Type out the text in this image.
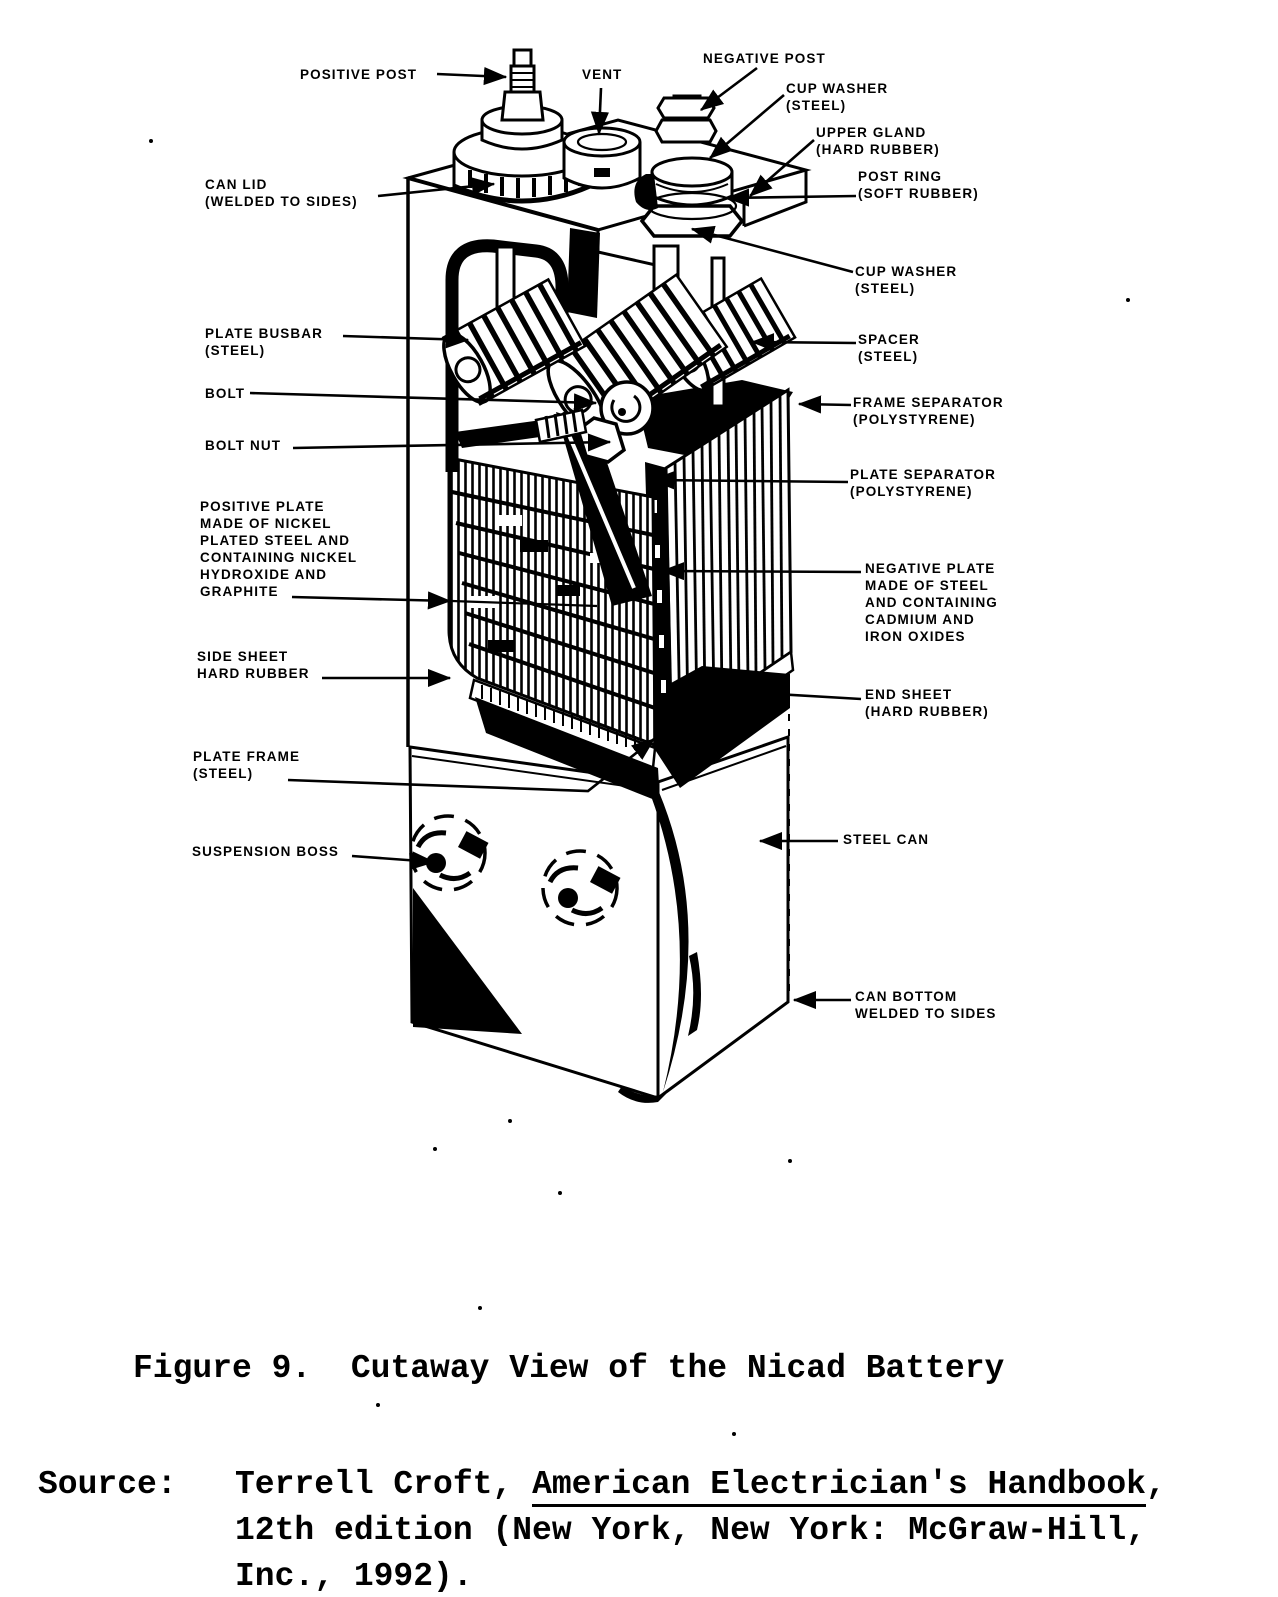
POSITIVE POST	VENT
NEGATIVE POST
CUP WASHER
(STEEL)
UPPER GLAND
(HARD RUBBER)
POST RING
(SOFT RUBBER)
CAN LID
(WELDED TO SIDES)
CUP WASHER
(STEEL)
PLATE BUSBAR
(STEEL)
SPACER
(STEEL)
BOLT
FRAME SEPARATOR
(POLYSTYRENE)
BOLT NUT
PLATE SEPARATOR
(POLYSTYRENE)
POSITIVE PLATE
MADE OF NICKEL
PLATED STEEL AND
CONTAINING NICKEL
HYDROXIDE AND
GRAPHITE
NEGATIVE PLATE
MADE OF STEEL
AND CONTAINING
CADMIUM AND
IRON OXIDES
SIDE SHEET
HARD RUBBER
END SHEET
(HARD RUBBER)
PLATE FRAME
(STEEL)
SUSPENSION BOSS
STEEL CAN
CAN BOTTOM
WELDED TO SIDES
Figure 9.  Cutaway View of the Nicad Battery
Source: Terrell Croft, American Electrician's Handbook,
12th edition (New York, New York: McGraw-Hill,
Inc., 1992).
